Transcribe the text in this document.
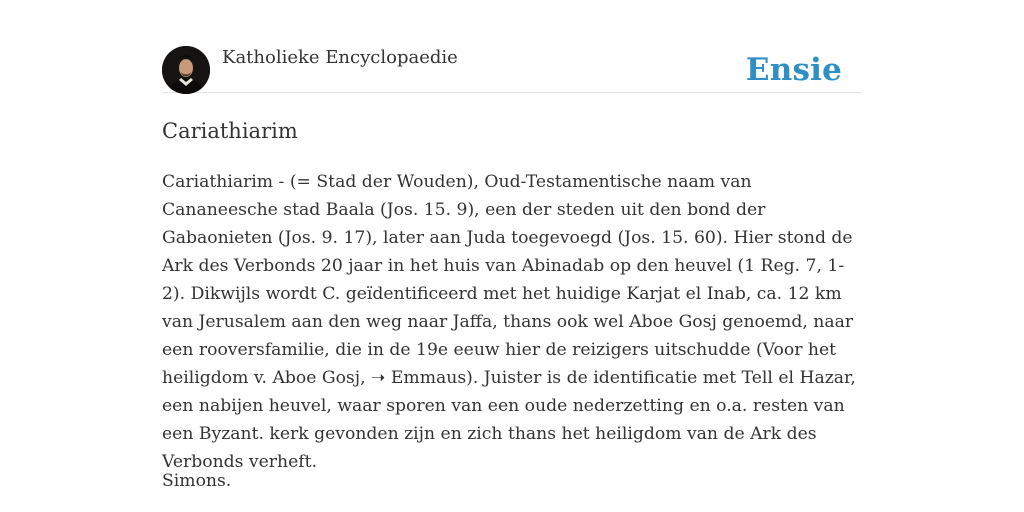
Katholieke Encyclopaedie	Ensie
Cariathiarim

Cariathiarim - (= Stad der Wouden), Oud-Testamentische naam van Cananeesche stad Baala (Jos. 15. 9), een der steden uit den bond der Gabaonieten (Jos. 9. 17), later aan Juda toegevoegd (Jos. 15. 60). Hier stond de Ark des Verbonds 20 jaar in het huis van Abinadab op den heuvel (1 Reg. 7, 1-2). Dikwijls wordt C. geïdentificeerd met het huidige Karjat el Inab, ca. 12 km van Jerusalem aan den weg naar Jaffa, thans ook wel Aboe Gosj genoemd, naar een rooversfamilie, die in de 19e eeuw hier de reizigers uitschudde (Voor het heiligdom v. Aboe Gosj, ➝ Emmaus). Juister is de identificatie met Tell el Hazar, een nabijen heuvel, waar sporen van een oude nederzetting en o.a. resten van een Byzant. kerk gevonden zijn en zich thans het heiligdom van de Ark des Verbonds verheft.

Simons.
